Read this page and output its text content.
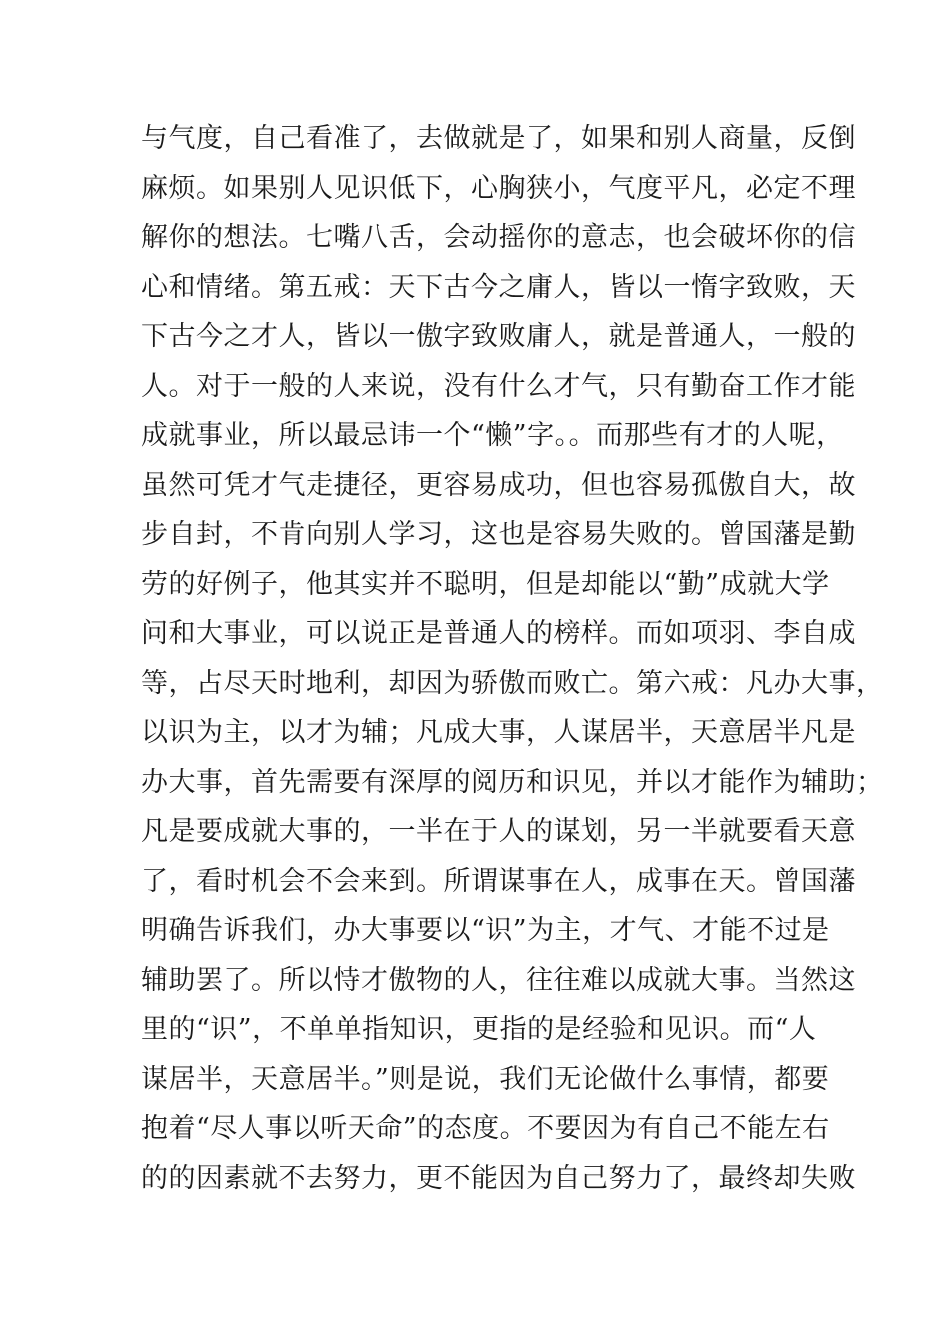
与气度，自己看准了，去做就是了，如果和别人商量，反倒
麻烦。如果别人见识低下，心胸狭小，气度平凡，必定不理
解你的想法。七嘴八舌，会动摇你的意志，也会破坏你的信
心和情绪。第五戒：天下古今之庸人，皆以一惰字致败，天
下古今之才人，皆以一傲字致败庸人，就是普通人，一般的
人。对于一般的人来说，没有什么才气，只有勤奋工作才能
成就事业，所以最忌讳一个“懒”字。。而那些有才的人呢，
虽然可凭才气走捷径，更容易成功，但也容易孤傲自大，故
步自封，不肯向别人学习，这也是容易失败的。曾国藩是勤
劳的好例子，他其实并不聪明，但是却能以“勤”成就大学
问和大事业，可以说正是普通人的榜样。而如项羽、李自成
等，占尽天时地利，却因为骄傲而败亡。第六戒：凡办大事，
以识为主，以才为辅；凡成大事，人谋居半，天意居半凡是
办大事，首先需要有深厚的阅历和识见，并以才能作为辅助；
凡是要成就大事的，一半在于人的谋划，另一半就要看天意
了，看时机会不会来到。所谓谋事在人，成事在天。曾国藩
明确告诉我们，办大事要以“识”为主，才气、才能不过是
辅助罢了。所以恃才傲物的人，往往难以成就大事。当然这
里的“识”，不单单指知识，更指的是经验和见识。而“人
谋居半，天意居半。”则是说，我们无论做什么事情，都要
抱着“尽人事以听天命”的态度。不要因为有自己不能左右
的的因素就不去努力，更不能因为自己努力了，最终却失败
